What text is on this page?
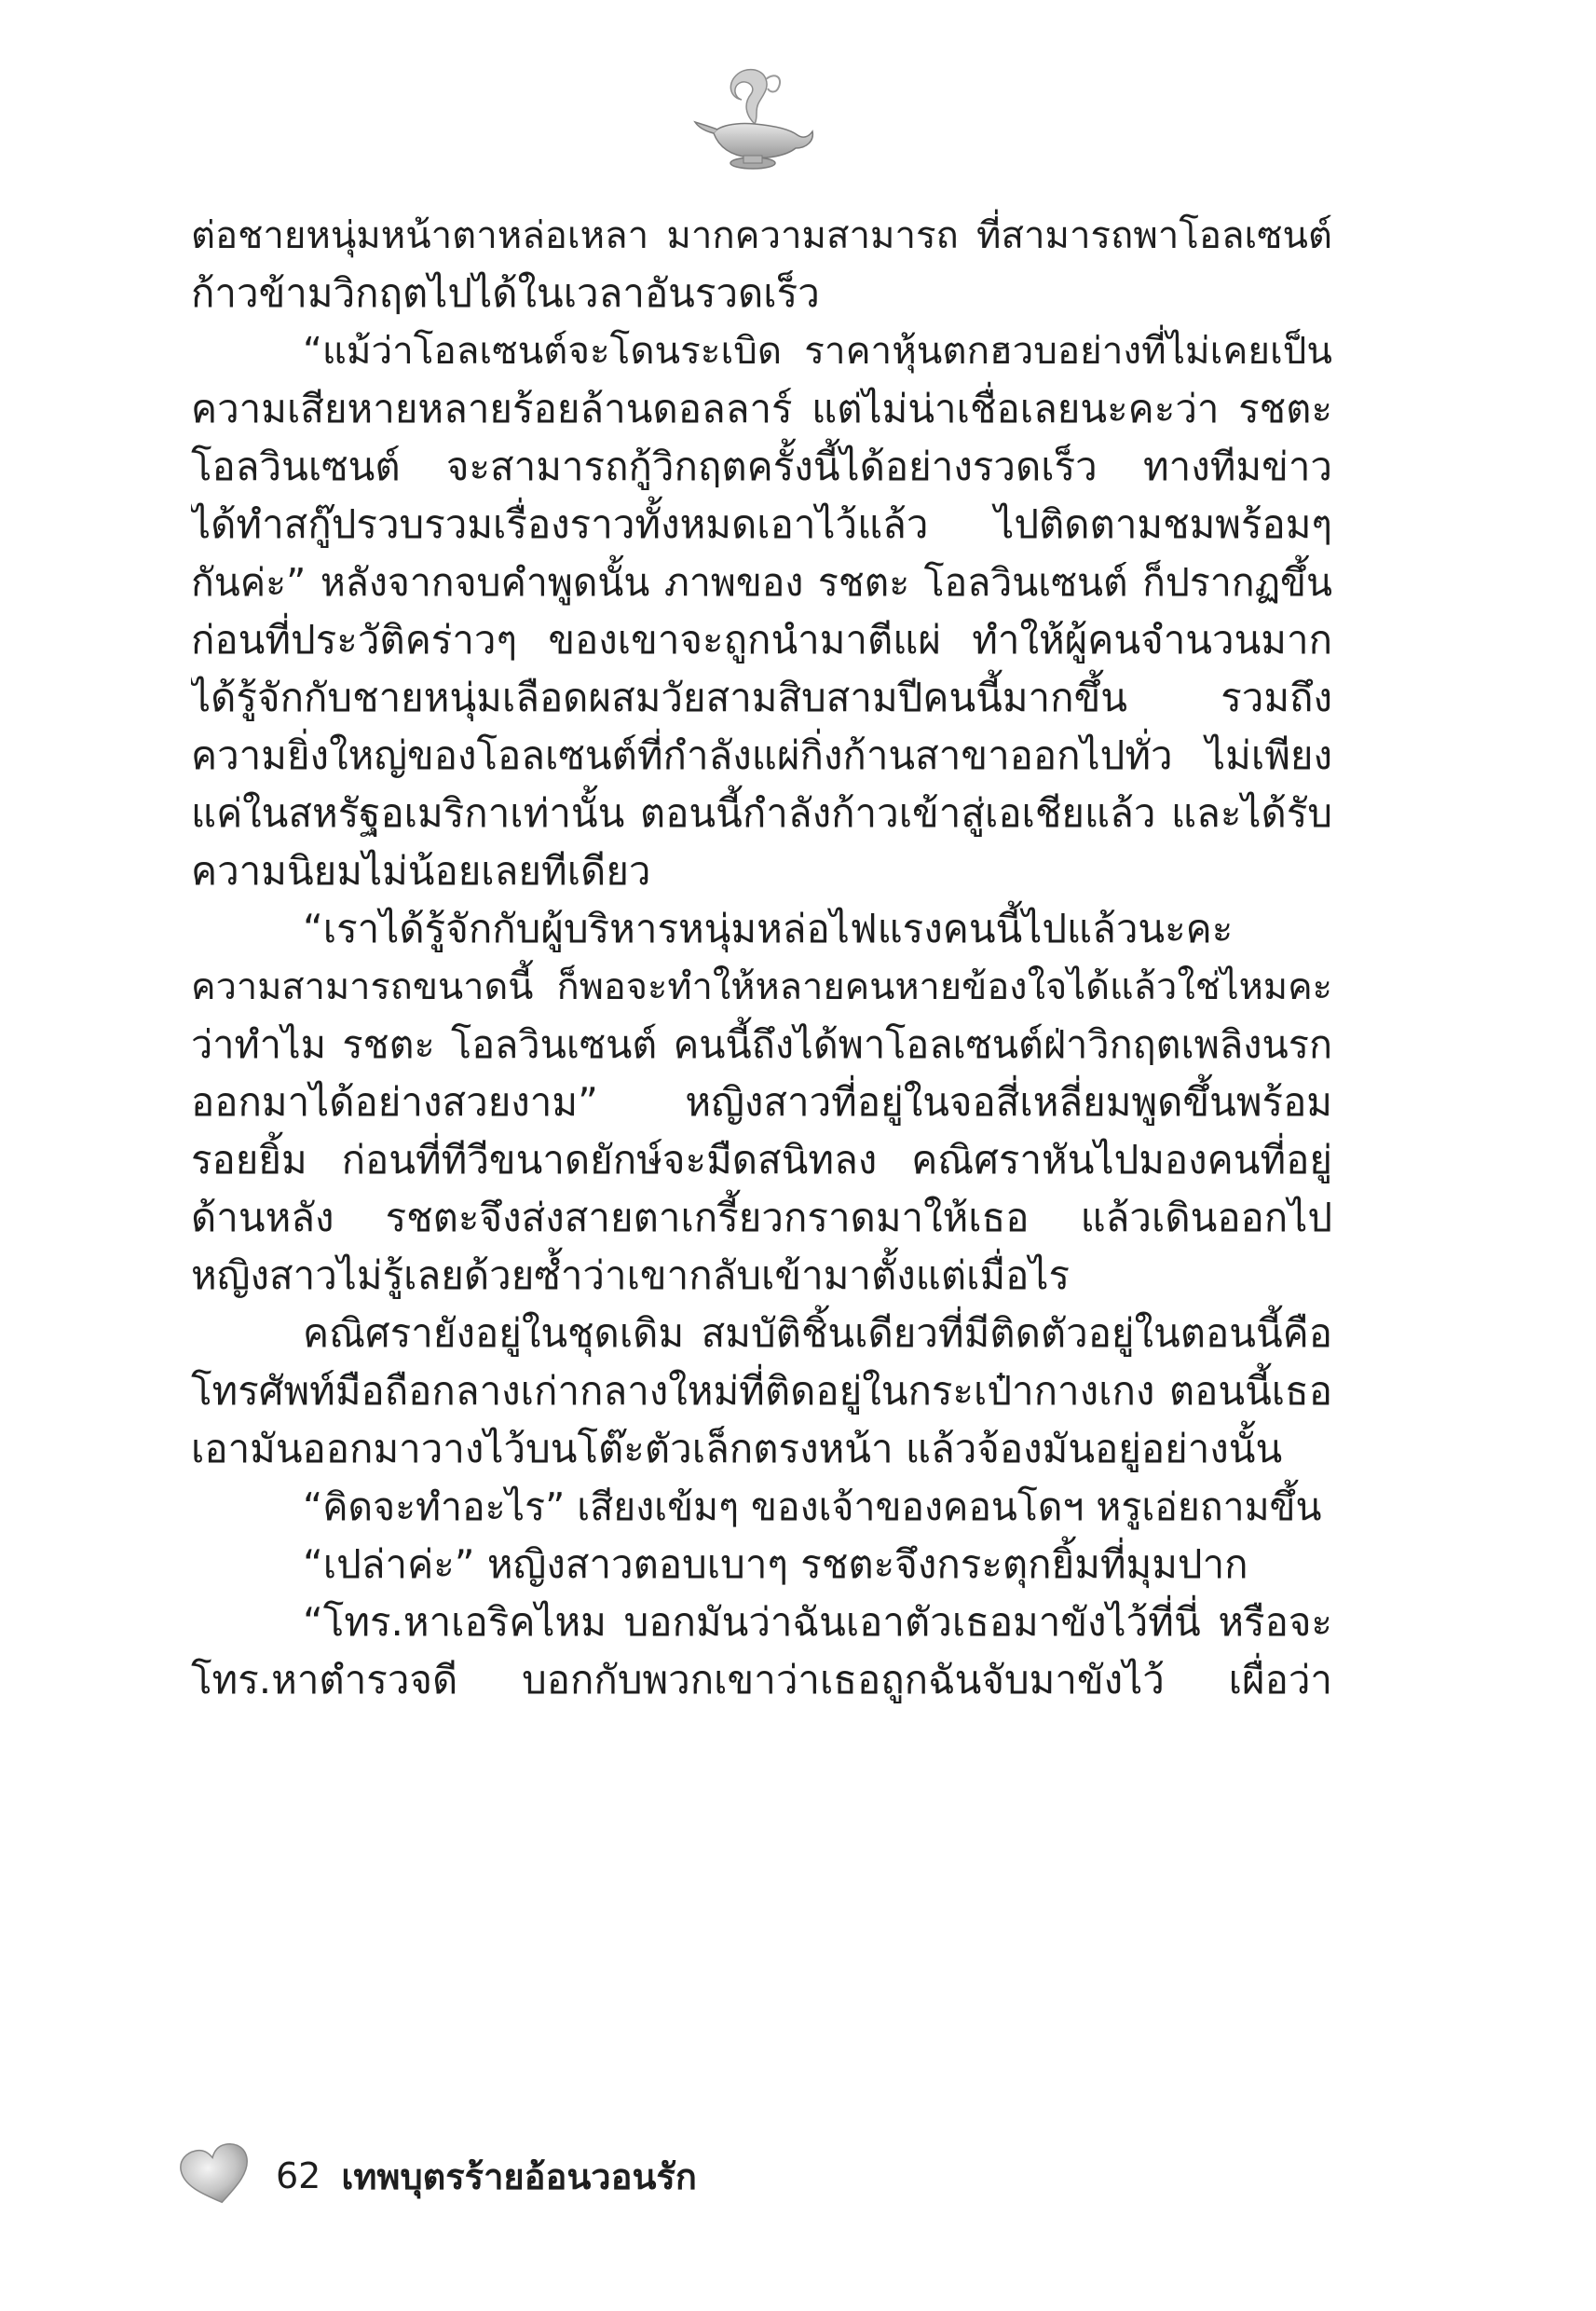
ต่อชายหนุ่มหน้าตาหล่อเหลา มากความสามารถ ที่สามารถพาโอลเซนต์
ก้าวข้ามวิกฤตไปได้ในเวลาอันรวดเร็ว
“แม้ว่าโอลเซนต์จะโดนระเบิด ราคาหุ้นตกฮวบอย่างที่ไม่เคยเป็น
ความเสียหายหลายร้อยล้านดอลลาร์ แต่ไม่น่าเชื่อเลยนะคะว่า รชตะ
โอลวินเซนต์ จะสามารถกู้วิกฤตครั้งนี้ได้อย่างรวดเร็ว ทางทีมข่าว
ได้ทำสกู๊ปรวบรวมเรื่องราวทั้งหมดเอาไว้แล้ว ไปติดตามชมพร้อมๆ
กันค่ะ” หลังจากจบคำพูดนั้น ภาพของ รชตะ โอลวินเซนต์ ก็ปรากฏขึ้น
ก่อนที่ประวัติคร่าวๆ ของเขาจะถูกนำมาตีแผ่ ทำให้ผู้คนจำนวนมาก
ได้รู้จักกับชายหนุ่มเลือดผสมวัยสามสิบสามปีคนนี้มากขึ้น รวมถึง
ความยิ่งใหญ่ของโอลเซนต์ที่กำลังแผ่กิ่งก้านสาขาออกไปทั่ว ไม่เพียง
แค่ในสหรัฐอเมริกาเท่านั้น ตอนนี้กำลังก้าวเข้าสู่เอเชียแล้ว และได้รับ
ความนิยมไม่น้อยเลยทีเดียว
“เราได้รู้จักกับผู้บริหารหนุ่มหล่อไฟแรงคนนี้ไปแล้วนะคะ
ความสามารถขนาดนี้ ก็พอจะทำให้หลายคนหายข้องใจได้แล้วใช่ไหมคะ
ว่าทำไม รชตะ โอลวินเซนต์ คนนี้ถึงได้พาโอลเซนต์ฝ่าวิกฤตเพลิงนรก
ออกมาได้อย่างสวยงาม” หญิงสาวที่อยู่ในจอสี่เหลี่ยมพูดขึ้นพร้อม
รอยยิ้ม ก่อนที่ทีวีขนาดยักษ์จะมืดสนิทลง คณิศราหันไปมองคนที่อยู่
ด้านหลัง รชตะจึงส่งสายตาเกรี้ยวกราดมาให้เธอ แล้วเดินออกไป
หญิงสาวไม่รู้เลยด้วยซ้ำว่าเขากลับเข้ามาตั้งแต่เมื่อไร
คณิศรายังอยู่ในชุดเดิม สมบัติชิ้นเดียวที่มีติดตัวอยู่ในตอนนี้คือ
โทรศัพท์มือถือกลางเก่ากลางใหม่ที่ติดอยู่ในกระเป๋ากางเกง ตอนนี้เธอ
เอามันออกมาวางไว้บนโต๊ะตัวเล็กตรงหน้า แล้วจ้องมันอยู่อย่างนั้น
“คิดจะทำอะไร” เสียงเข้มๆ ของเจ้าของคอนโดฯ หรูเอ่ยถามขึ้น
“เปล่าค่ะ” หญิงสาวตอบเบาๆ รชตะจึงกระตุกยิ้มที่มุมปาก
“โทร.หาเอริคไหม บอกมันว่าฉันเอาตัวเธอมาขังไว้ที่นี่ หรือจะ
โทร.หาตำรวจดี บอกกับพวกเขาว่าเธอถูกฉันจับมาขังไว้ เผื่อว่า
62 เทพบุตรร้ายอ้อนวอนรัก
